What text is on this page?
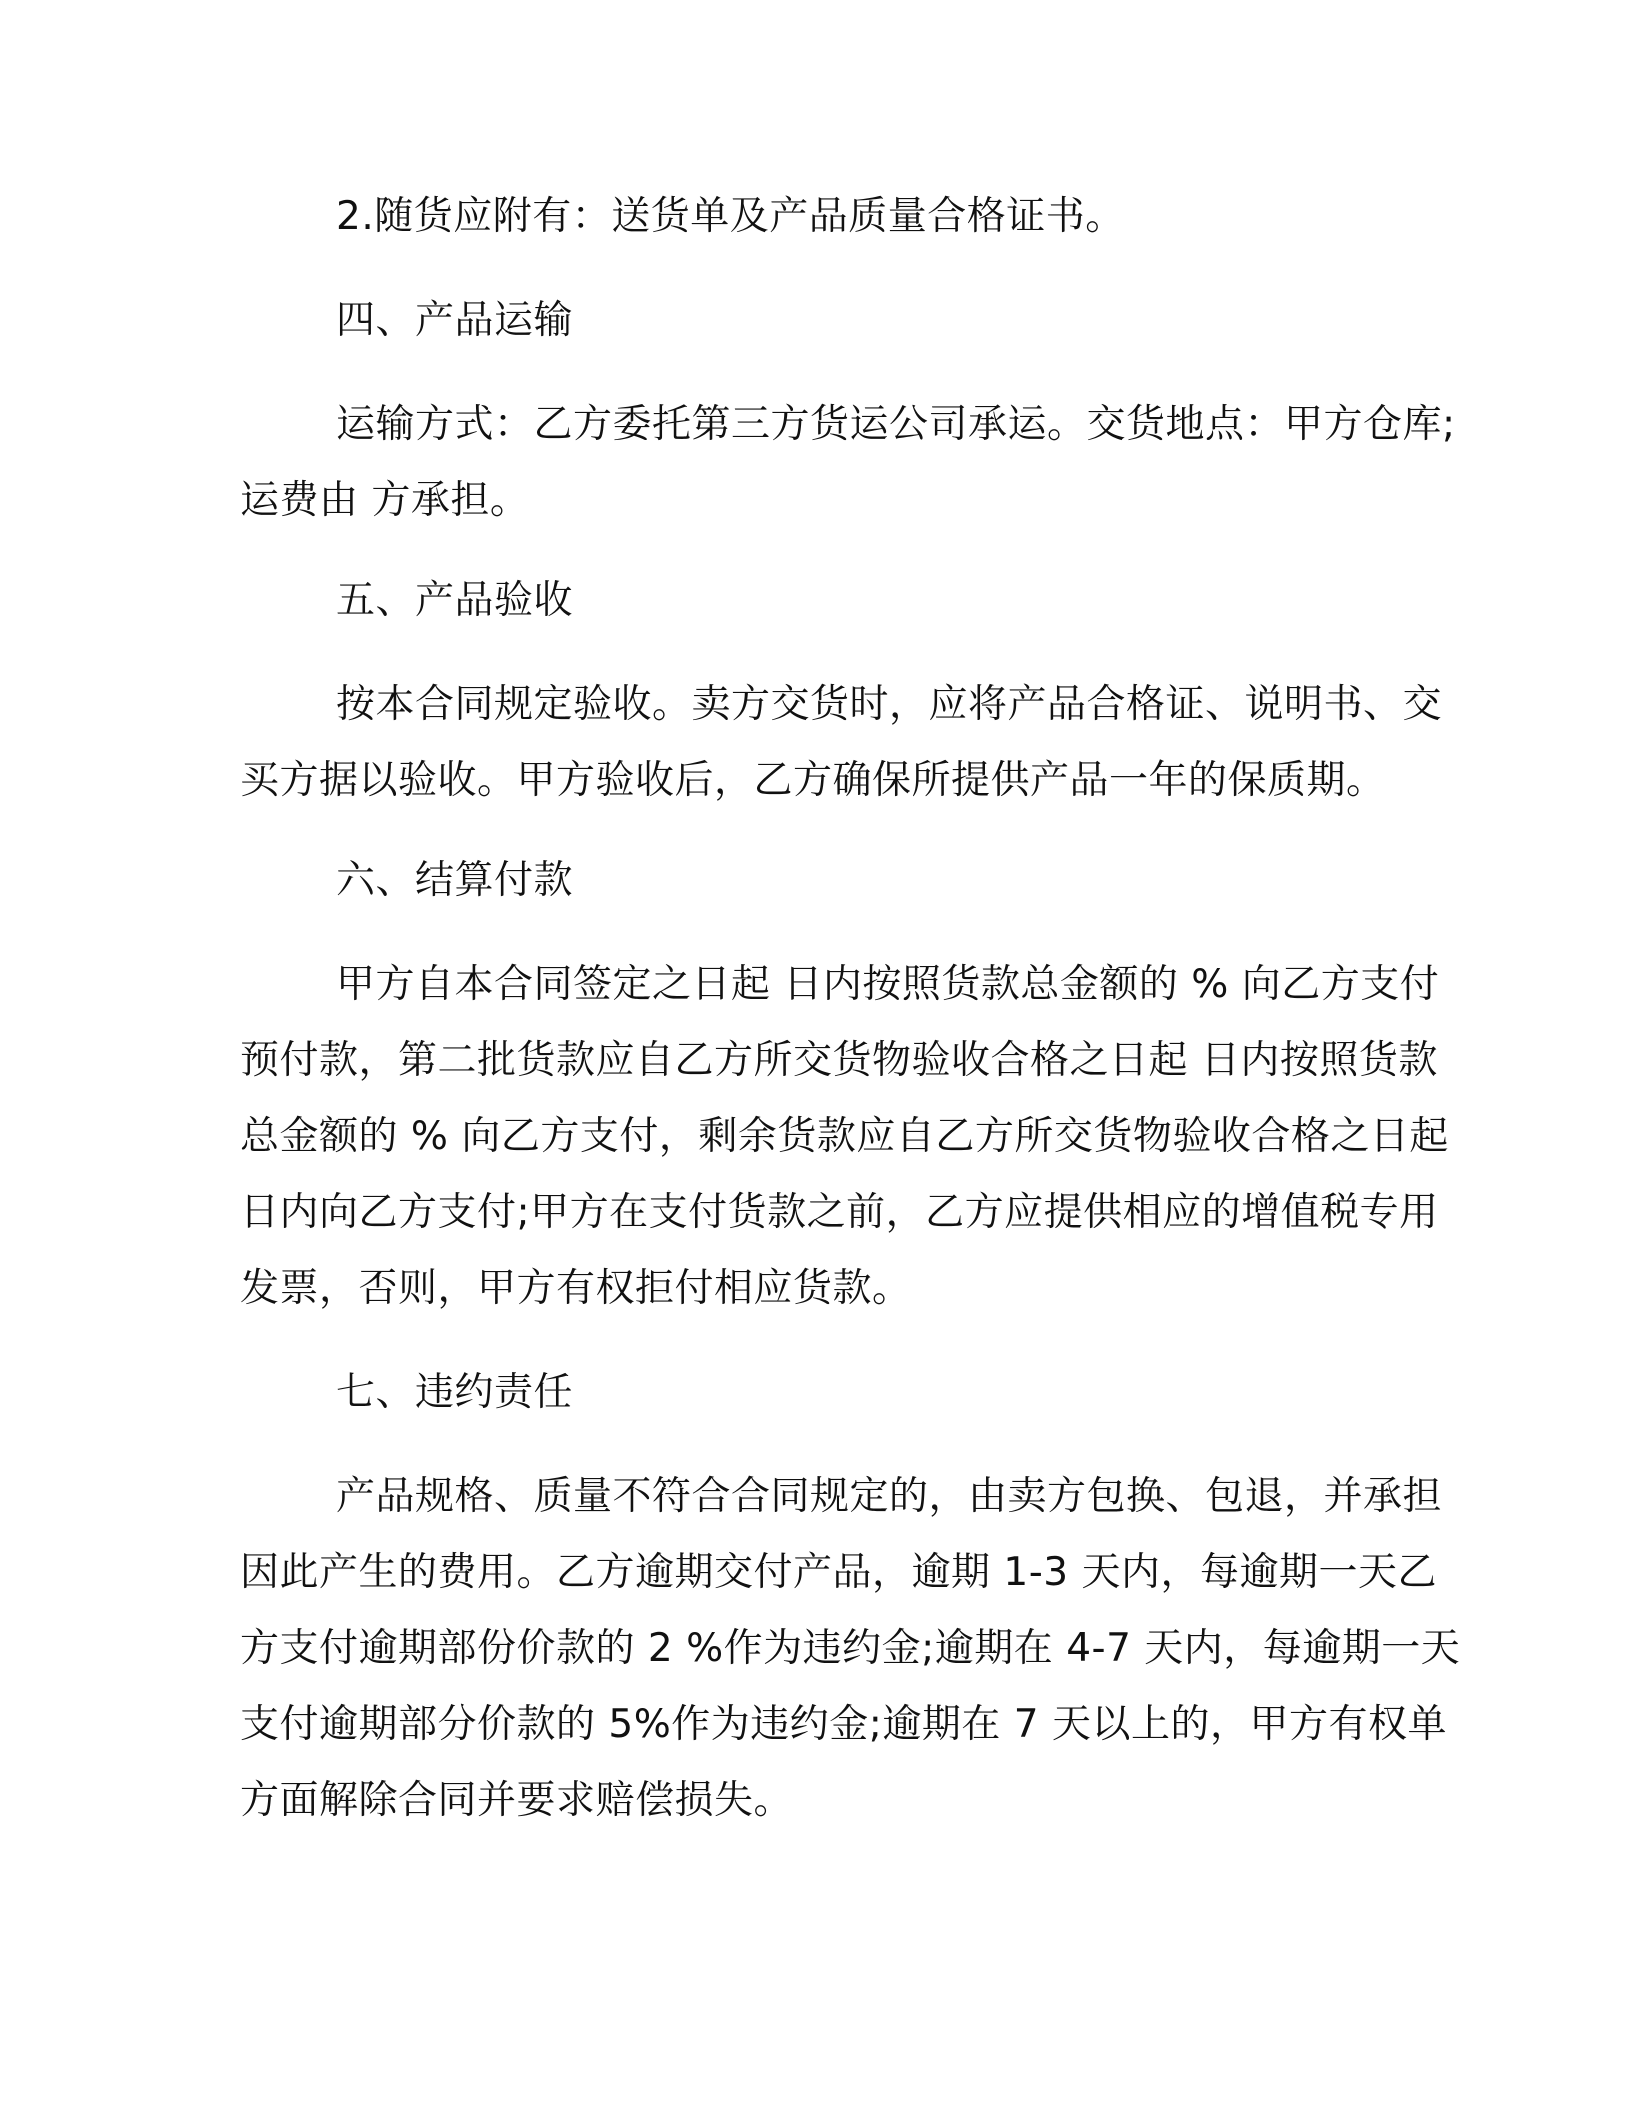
2.随货应附有：送货单及产品质量合格证书。
四、产品运输
运输方式：乙方委托第三方货运公司承运。交货地点：甲方仓库;
运费由 方承担。
五、产品验收
按本合同规定验收。卖方交货时，应将产品合格证、说明书、交
买方据以验收。甲方验收后，乙方确保所提供产品一年的保质期。
六、结算付款
甲方自本合同签定之日起 日内按照货款总金额的 % 向乙方支付
预付款，第二批货款应自乙方所交货物验收合格之日起 日内按照货款
总金额的 % 向乙方支付，剩余货款应自乙方所交货物验收合格之日起
日内向乙方支付;甲方在支付货款之前，乙方应提供相应的增值税专用
发票，否则，甲方有权拒付相应货款。
七、违约责任
产品规格、质量不符合合同规定的，由卖方包换、包退，并承担
因此产生的费用。乙方逾期交付产品，逾期 1-3 天内，每逾期一天乙
方支付逾期部份价款的 2 %作为违约金;逾期在 4-7 天内，每逾期一天
支付逾期部分价款的 5%作为违约金;逾期在 7 天以上的，甲方有权单
方面解除合同并要求赔偿损失。
